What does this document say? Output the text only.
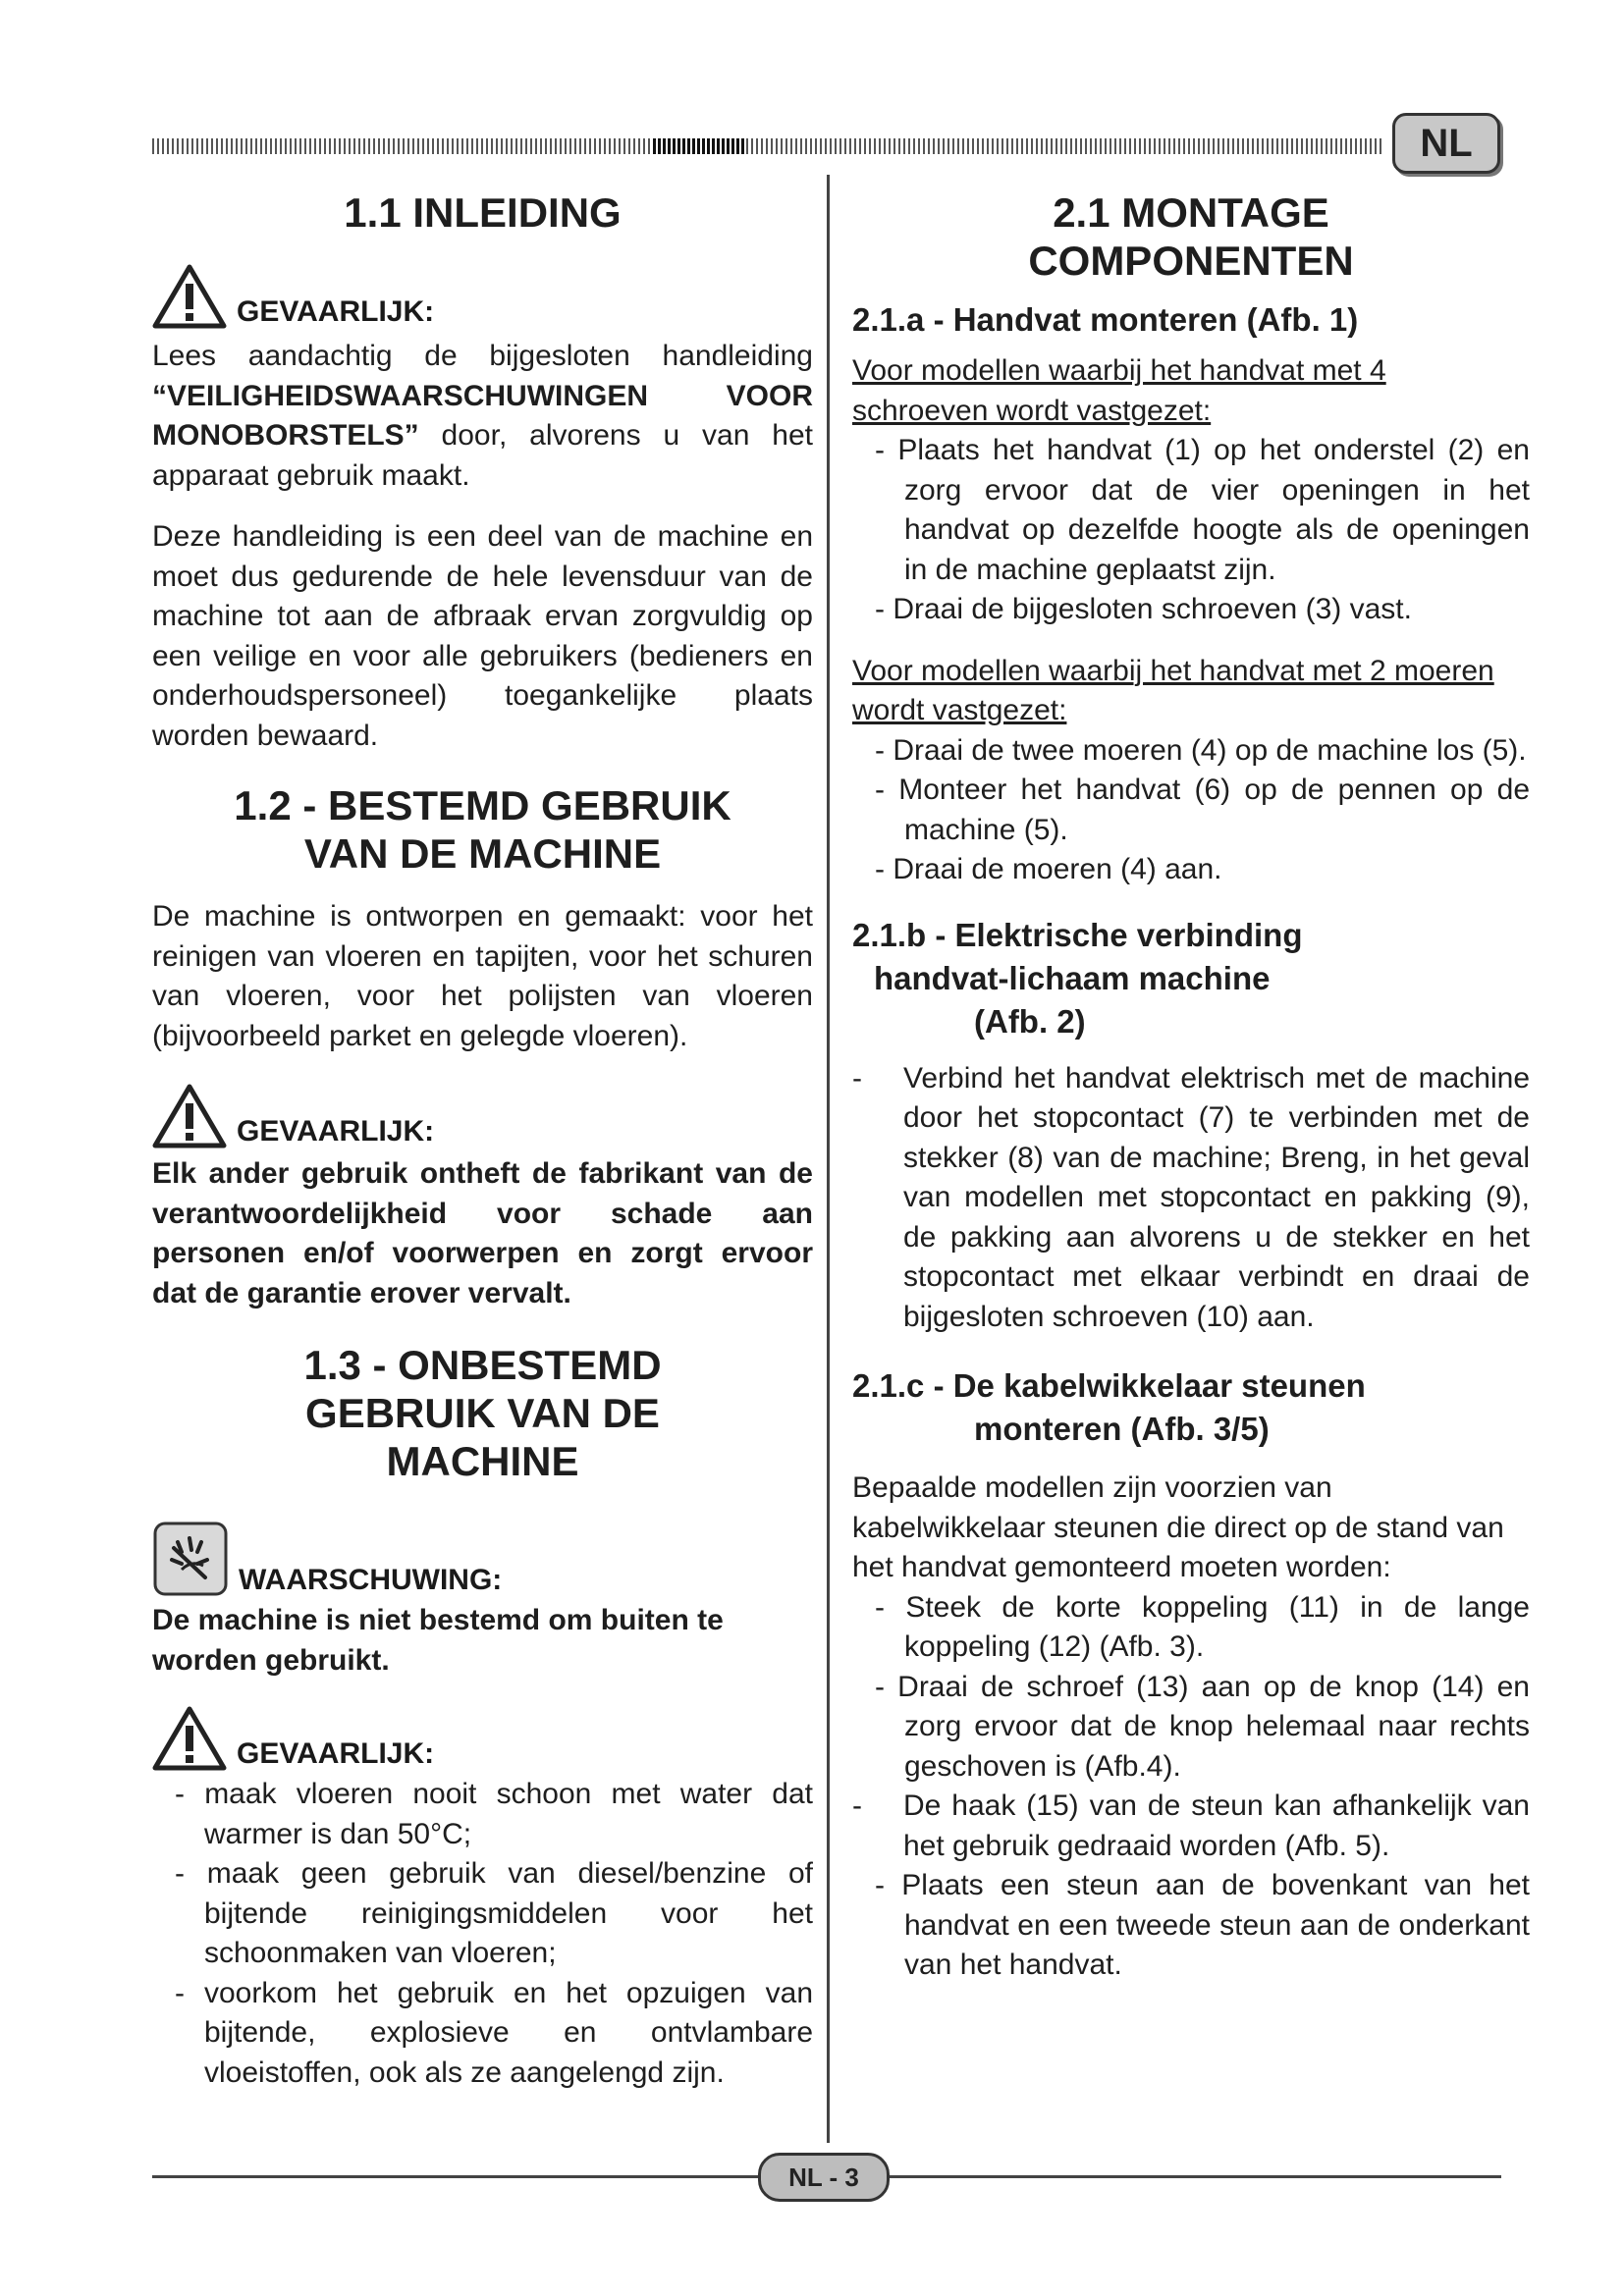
NL
1.1 INLEIDING
GEVAARLIJK:

Lees aandachtig de bijgesloten handleiding “VEILIGHEIDSWAARSCHUWINGEN VOOR MONOBORSTELS” door, alvorens u van het apparaat gebruik maakt.

Deze handleiding is een deel van de machine en moet dus gedurende de hele levensduur van de machine tot aan de afbraak ervan zorgvuldig op een veilige en voor alle gebruikers (bedieners en onderhoudspersoneel) toegankelijke plaats worden bewaard.

1.2 - BESTEMD GEBRUIK
VAN DE MACHINE

De machine is ontworpen en gemaakt: voor het reinigen van vloeren en tapijten, voor het schuren van vloeren, voor het polijsten van vloeren (bijvoorbeeld parket en gelegde vloeren).

GEVAARLIJK:

Elk ander gebruik ontheft de fabrikant van de verantwoordelijkheid voor schade aan personen en/of voorwerpen en zorgt ervoor dat de garantie erover vervalt.

1.3 - ONBESTEMD
GEBRUIK VAN DE
MACHINE
WAARSCHUWING:

De machine is niet bestemd om buiten te worden gebruikt.

GEVAARLIJK:
- maak vloeren nooit schoon met water dat warmer is dan 50°C;
- maak geen gebruik van diesel/benzine of bijtende reinigingsmiddelen voor het schoonmaken van vloeren;
- voorkom het gebruik en het opzuigen van bijtende, explosieve en ontvlambare vloeistoffen, ook als ze aangelengd zijn.
2.1 MONTAGE
COMPONENTEN
2.1.a - Handvat monteren (Afb. 1)

Voor modellen waarbij het handvat met 4 schroeven wordt vastgezet:

- Plaats het handvat (1) op het onderstel (2) en zorg ervoor dat de vier openingen in het handvat op dezelfde hoogte als de openingen in de machine geplaatst zijn.
- Draai de bijgesloten schroeven (3) vast.

Voor modellen waarbij het handvat met 2 moeren wordt vastgezet:

- Draai de twee moeren (4) op de machine los (5).
- Monteer het handvat (6) op de pennen op de machine (5).
- Draai de moeren (4) aan.
2.1.b - Elektrische verbinding
handvat-lichaam machine
(Afb. 2)
- Verbind het handvat elektrisch met de machine door het stopcontact (7) te verbinden met de stekker (8) van de machine; Breng, in het geval van modellen met stopcontact en pakking (9), de pakking aan alvorens u de stekker en het stopcontact met elkaar verbindt en draai de bijgesloten schroeven (10) aan.
2.1.c - De kabelwikkelaar steunen
monteren (Afb. 3/5)

Bepaalde modellen zijn voorzien van kabelwikkelaar steunen die direct op de stand van het handvat gemonteerd moeten worden:

- Steek de korte koppeling (11) in de lange koppeling (12) (Afb. 3).
- Draai de schroef (13) aan op de knop (14) en zorg ervoor dat de knop helemaal naar rechts geschoven is (Afb.4).
- De haak (15) van de steun kan afhankelijk van het gebruik gedraaid worden (Afb. 5).
- Plaats een steun aan de bovenkant van het handvat en een tweede steun aan de onderkant van het handvat.
NL - 3
